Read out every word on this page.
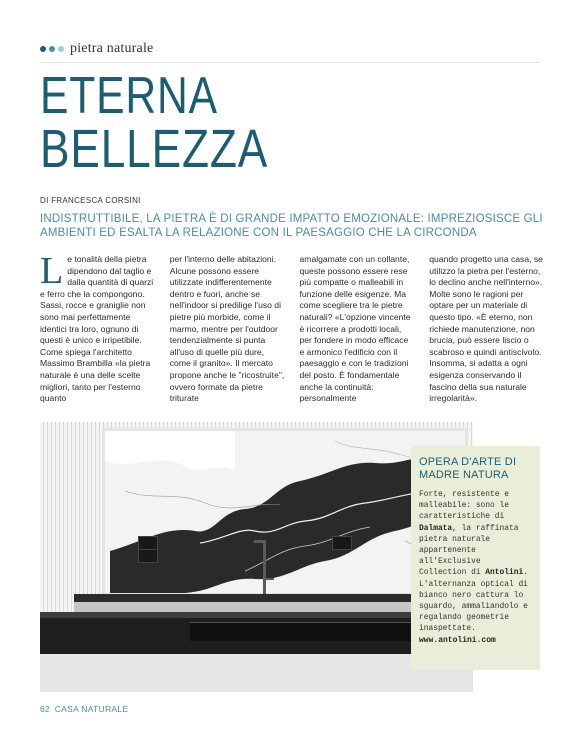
pietra naturale
ETERNA
BELLEZZA
DI FRANCESCA CORSINI
INDISTRUTTIBILE, LA PIETRA È DI GRANDE IMPATTO EMOZIONALE: IMPREZIOSISCE GLI AMBIENTI ED ESALTA LA RELAZIONE CON IL PAESAGGIO CHE LA CIRCONDA
Le tonalità della pietra dipendono dal taglio e dalla quantità di quarzi e ferro che la compongono. Sassi, rocce e graniglie non sono mai perfettamente identici tra loro, ognuno di questi è unico e irripetibile. Come spiega l'architetto Massimo Brambilla «la pietra naturale è una delle scelte migliori, tanto per l'esterno quanto
per l'interno delle abitazioni. Alcune possono essere utilizzate indifferentemente dentro e fuori, anche se nell'indoor si predilige l'uso di pietre più morbide, come il marmo, mentre per l'outdoor tendenzialmente si punta all'uso di quelle più dure, come il granito». Il mercato propone anche le "ricostruite", ovvero formate da pietre triturate
amalgamate con un collante, queste possono essere rese più compatte o malleabili in funzione delle esigenze. Ma come scegliere tra le pietre naturali? «L'opzione vincente è ricorrere a prodotti locali, per fondere in modo efficace e armonico l'edificio con il paesaggio e con le tradizioni del posto. È fondamentale anche la continuità: personalmente
quando progetto una casa, se utilizzo la pietra per l'esterno, lo declino anche nell'interno». Molte sono le ragioni per optare per un materiale di questo tipo. «È eterno, non richiede manutenzione, non brucia, può essere liscio o scabroso e quindi antiscivolo. Insomma, si adatta a ogni esigenza conservando il fascino della sua naturale irregolarità».
OPERA D'ARTE DI MADRE NATURA
Forte, resistente e malleabile: sono le caratteristiche di Dalmata, la raffinata pietra naturale appartenente all'Exclusive Collection di Antolini. L'alternanza optical di bianco nero cattura lo sguardo, ammaliandolo e regalando geometrie inaspettate.
www.antolini.com
62 CASA NATURALE
